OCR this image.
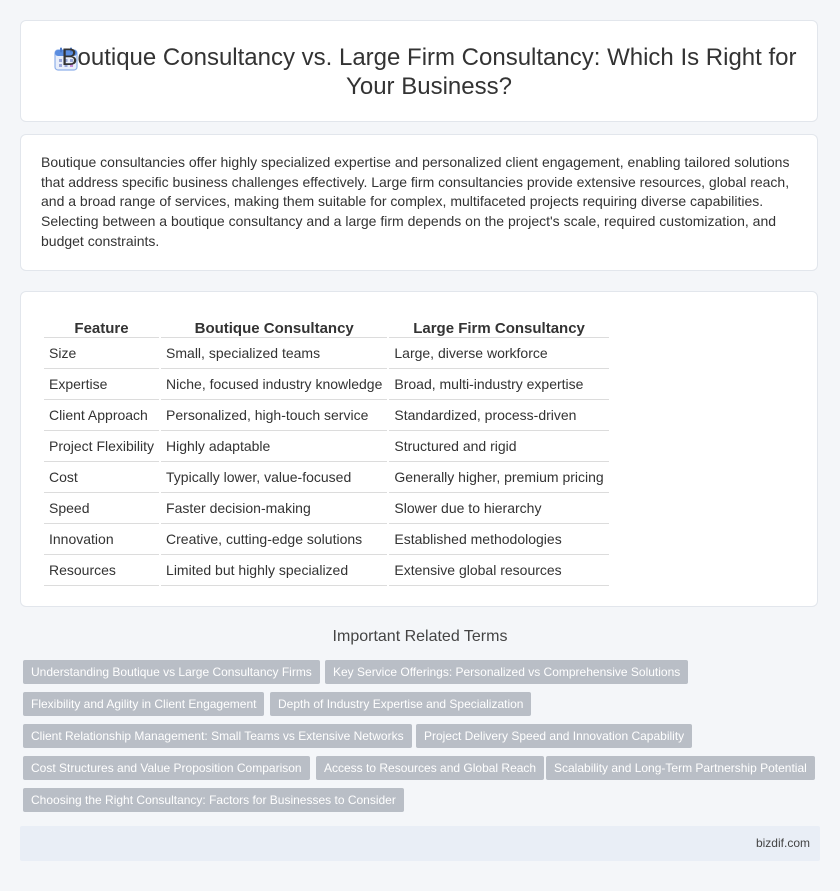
Boutique Consultancy vs. Large Firm Consultancy: Which Is Right for Your Business?

Boutique consultancies offer highly specialized expertise and personalized client engagement, enabling tailored solutions that address specific business challenges effectively. Large firm consultancies provide extensive resources, global reach, and a broad range of services, making them suitable for complex, multifaceted projects requiring diverse capabilities. Selecting between a boutique consultancy and a large firm depends on the project's scale, required customization, and budget constraints.

Feature	Boutique Consultancy	Large Firm Consultancy
Size	Small, specialized teams	Large, diverse workforce
Expertise	Niche, focused industry knowledge	Broad, multi-industry expertise
Client Approach	Personalized, high-touch service	Standardized, process-driven
Project Flexibility	Highly adaptable	Structured and rigid
Cost	Typically lower, value-focused	Generally higher, premium pricing
Speed	Faster decision-making	Slower due to hierarchy
Innovation	Creative, cutting-edge solutions	Established methodologies
Resources	Limited but highly specialized	Extensive global resources
Important Related Terms
Understanding Boutique vs Large Consultancy Firms	Key Service Offerings: Personalized vs Comprehensive Solutions
Flexibility and Agility in Client Engagement	Depth of Industry Expertise and Specialization
Client Relationship Management: Small Teams vs Extensive Networks	Project Delivery Speed and Innovation Capability
Cost Structures and Value Proposition Comparison	Access to Resources and Global Reach	Scalability and Long-Term Partnership Potential
Choosing the Right Consultancy: Factors for Businesses to Consider
bizdif.com
